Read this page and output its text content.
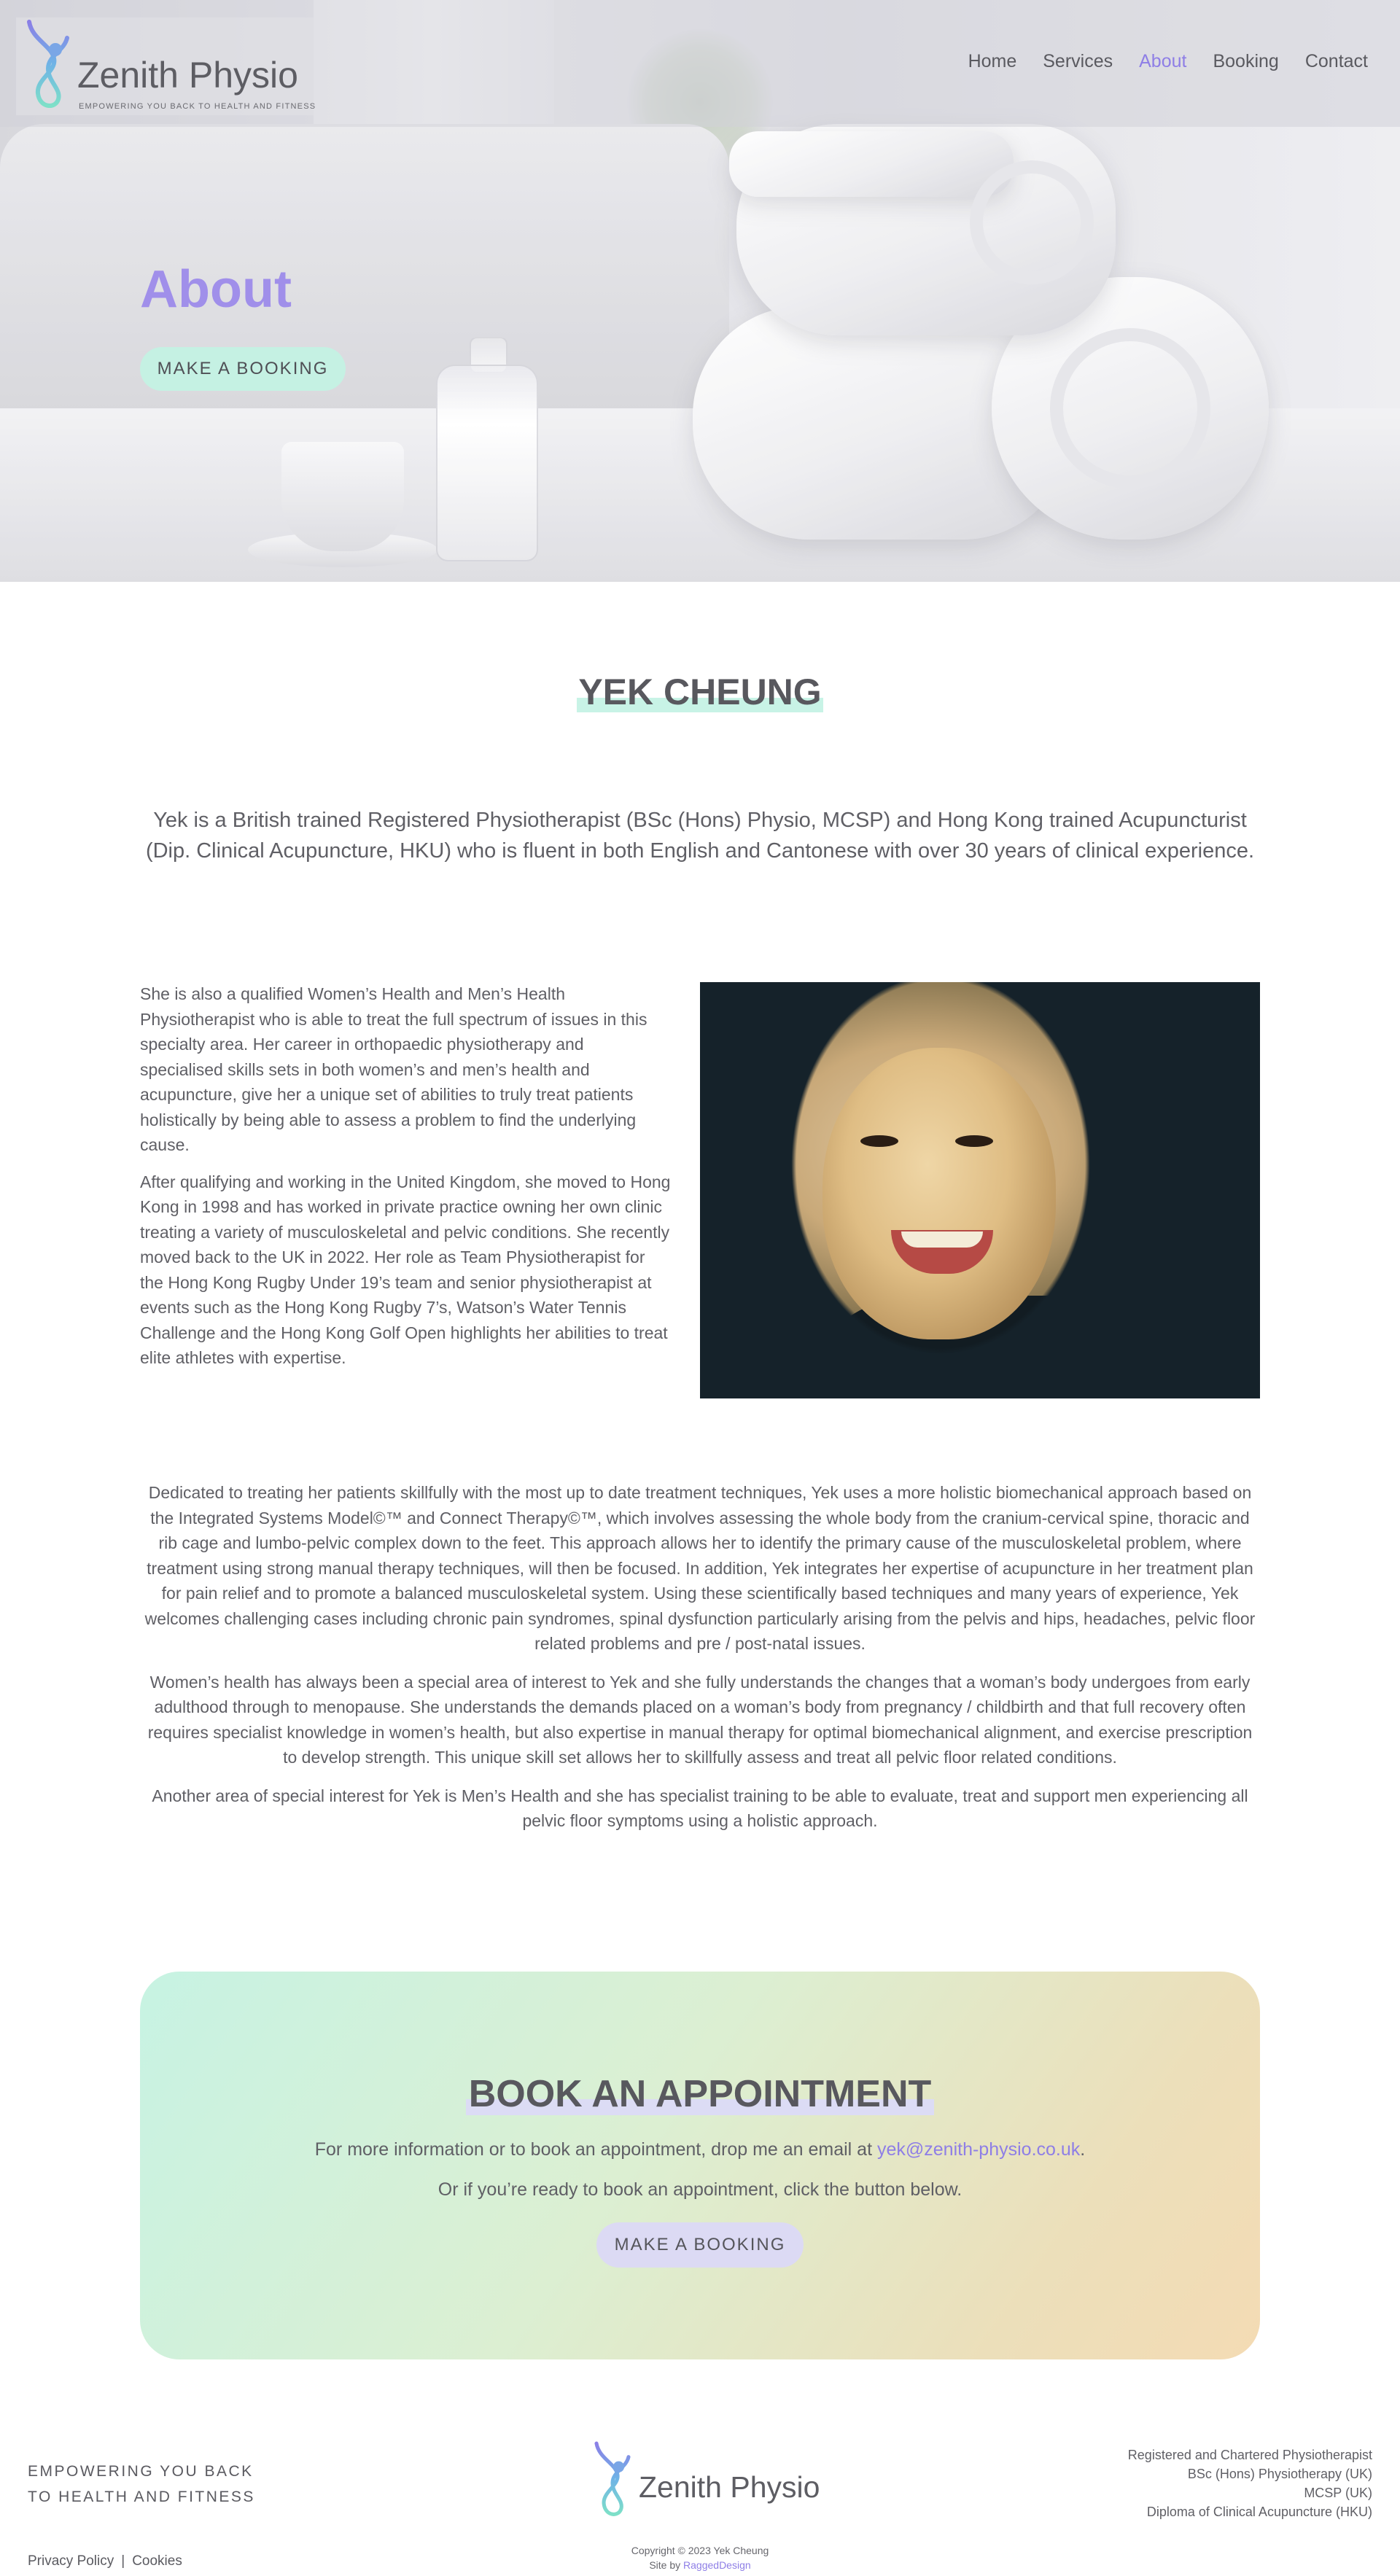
About
MAKE A BOOKING
Zenith Physio
EMPOWERING YOU BACK TO HEALTH AND FITNESS
Home Services About Booking Contact
YEK CHEUNG

Yek is a British trained Registered Physiotherapist (BSc (Hons) Physio, MCSP) and Hong Kong trained Acupuncturist (Dip. Clinical Acupuncture, HKU) who is fluent in both English and Cantonese with over 30 years of clinical experience.

She is also a qualified Women’s Health and Men’s Health Physiotherapist who is able to treat the full spectrum of issues in this specialty area. Her career in orthopaedic physiotherapy and specialised skills sets in both women’s and men’s health and acupuncture, give her a unique set of abilities to truly treat patients holistically by being able to assess a problem to find the underlying cause.

After qualifying and working in the United Kingdom, she moved to Hong Kong in 1998 and has worked in private practice owning her own clinic treating a variety of musculoskeletal and pelvic conditions. She recently moved back to the UK in 2022. Her role as Team Physiotherapist for the Hong Kong Rugby Under 19’s team and senior physiotherapist at events such as the Hong Kong Rugby 7’s, Watson’s Water Tennis Challenge and the Hong Kong Golf Open highlights her abilities to treat elite athletes with expertise.

Dedicated to treating her patients skillfully with the most up to date treatment techniques, Yek uses a more holistic biomechanical approach based on the Integrated Systems Model©™ and Connect Therapy©™, which involves assessing the whole body from the cranium-cervical spine, thoracic and rib cage and lumbo-pelvic complex down to the feet. This approach allows her to identify the primary cause of the musculoskeletal problem, where treatment using strong manual therapy techniques, will then be focused. In addition, Yek integrates her expertise of acupuncture in her treatment plan for pain relief and to promote a balanced musculoskeletal system. Using these scientifically based techniques and many years of experience, Yek welcomes challenging cases including chronic pain syndromes, spinal dysfunction particularly arising from the pelvis and hips, headaches, pelvic floor related problems and pre / post-natal issues.

Women’s health has always been a special area of interest to Yek and she fully understands the changes that a woman’s body undergoes from early adulthood through to menopause. She understands the demands placed on a woman’s body from pregnancy / childbirth and that full recovery often requires specialist knowledge in women’s health, but also expertise in manual therapy for optimal biomechanical alignment, and exercise prescription to develop strength. This unique skill set allows her to skillfully assess and treat all pelvic floor related conditions.

Another area of special interest for Yek is Men’s Health and she has specialist training to be able to evaluate, treat and support men experiencing all pelvic floor symptoms using a holistic approach.

BOOK AN APPOINTMENT

For more information or to book an appointment, drop me an email at yek@zenith-physio.co.uk.

Or if you’re ready to book an appointment, click the button below.

MAKE A BOOKING
EMPOWERING YOU BACK
TO HEALTH AND FITNESS	Zenith Physio
Registered and Chartered Physiotherapist
BSc (Hons) Physiotherapy (UK)
MCSP (UK)
Diploma of Clinical Acupuncture (HKU)
Copyright © 2023 Yek Cheung
Site by RaggedDesign
Privacy Policy | Cookies
